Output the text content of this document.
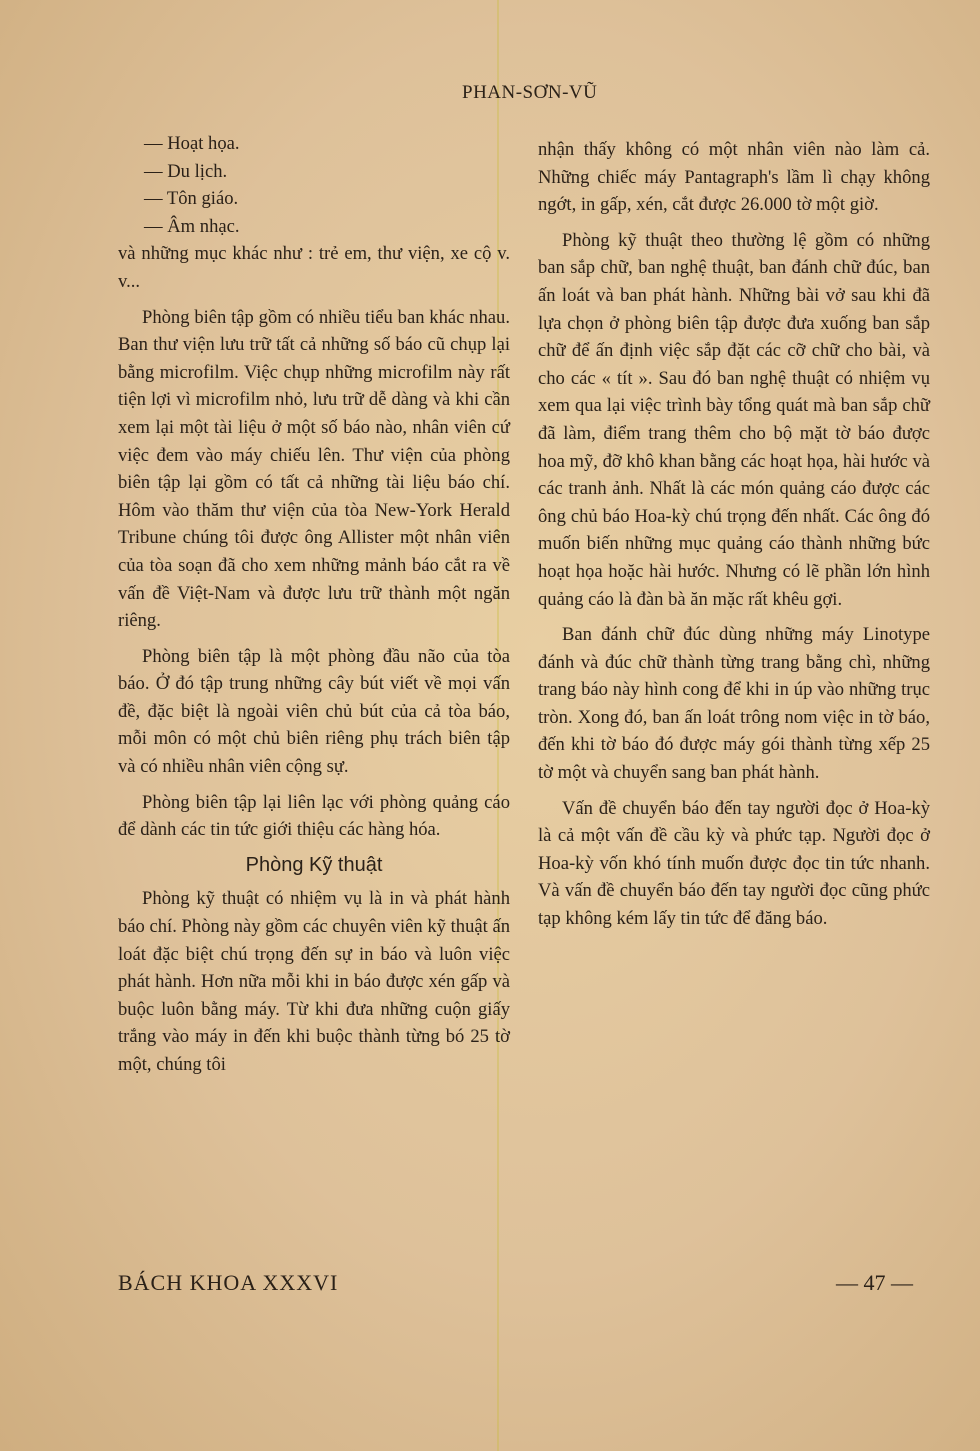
PHAN-SƠN-VŨ
— Hoạt họa.
— Du lịch.
— Tôn giáo.
— Âm nhạc.

và những mục khác như : trẻ em, thư viện, xe cộ v. v...

Phòng biên tập gồm có nhiều tiểu ban khác nhau. Ban thư viện lưu trữ tất cả những số báo cũ chụp lại bằng microfilm. Việc chụp những microfilm này rất tiện lợi vì microfilm nhỏ, lưu trữ dễ dàng và khi cần xem lại một tài liệu ở một số báo nào, nhân viên cứ việc đem vào máy chiếu lên. Thư viện của phòng biên tập lại gồm có tất cả những tài liệu báo chí. Hôm vào thăm thư viện của tòa New-York Herald Tribune chúng tôi được ông Allister một nhân viên của tòa soạn đã cho xem những mảnh báo cắt ra về vấn đề Việt-Nam và được lưu trữ thành một ngăn riêng.

Phòng biên tập là một phòng đầu não của tòa báo. Ở đó tập trung những cây bút viết về mọi vấn đề, đặc biệt là ngoài viên chủ bút của cả tòa báo, mỗi môn có một chủ biên riêng phụ trách biên tập và có nhiều nhân viên cộng sự.

Phòng biên tập lại liên lạc với phòng quảng cáo để dành các tin tức giới thiệu các hàng hóa.

Phòng Kỹ thuật

Phòng kỹ thuật có nhiệm vụ là in và phát hành báo chí. Phòng này gồm các chuyên viên kỹ thuật ấn loát đặc biệt chú trọng đến sự in báo và luôn việc phát hành. Hơn nữa mỗi khi in báo được xén gấp và buộc luôn bằng máy. Từ khi đưa những cuộn giấy trắng vào máy in đến khi buộc thành từng bó 25 tờ một, chúng tôi

nhận thấy không có một nhân viên nào làm cả. Những chiếc máy Pantagraph's lầm lì chạy không ngớt, in gấp, xén, cắt được 26.000 tờ một giờ.

Phòng kỹ thuật theo thường lệ gồm có những ban sắp chữ, ban nghệ thuật, ban đánh chữ đúc, ban ấn loát và ban phát hành. Những bài vở sau khi đã lựa chọn ở phòng biên tập được đưa xuống ban sắp chữ để ấn định việc sắp đặt các cỡ chữ cho bài, và cho các « tít ». Sau đó ban nghệ thuật có nhiệm vụ xem qua lại việc trình bày tổng quát mà ban sắp chữ đã làm, điểm trang thêm cho bộ mặt tờ báo được hoa mỹ, đỡ khô khan bằng các hoạt họa, hài hước và các tranh ảnh. Nhất là các món quảng cáo được các ông chủ báo Hoa-kỳ chú trọng đến nhất. Các ông đó muốn biến những mục quảng cáo thành những bức hoạt họa hoặc hài hước. Nhưng có lẽ phần lớn hình quảng cáo là đàn bà ăn mặc rất khêu gợi.

Ban đánh chữ đúc dùng những máy Linotype đánh và đúc chữ thành từng trang bằng chì, những trang báo này hình cong để khi in úp vào những trục tròn. Xong đó, ban ấn loát trông nom việc in tờ báo, đến khi tờ báo đó được máy gói thành từng xếp 25 tờ một và chuyển sang ban phát hành.

Vấn đề chuyển báo đến tay người đọc ở Hoa-kỳ là cả một vấn đề cầu kỳ và phức tạp. Người đọc ở Hoa-kỳ vốn khó tính muốn được đọc tin tức nhanh. Và vấn đề chuyển báo đến tay người đọc cũng phức tạp không kém lấy tin tức để đăng báo.

BÁCH KHOA XXXVI	— 47 —
